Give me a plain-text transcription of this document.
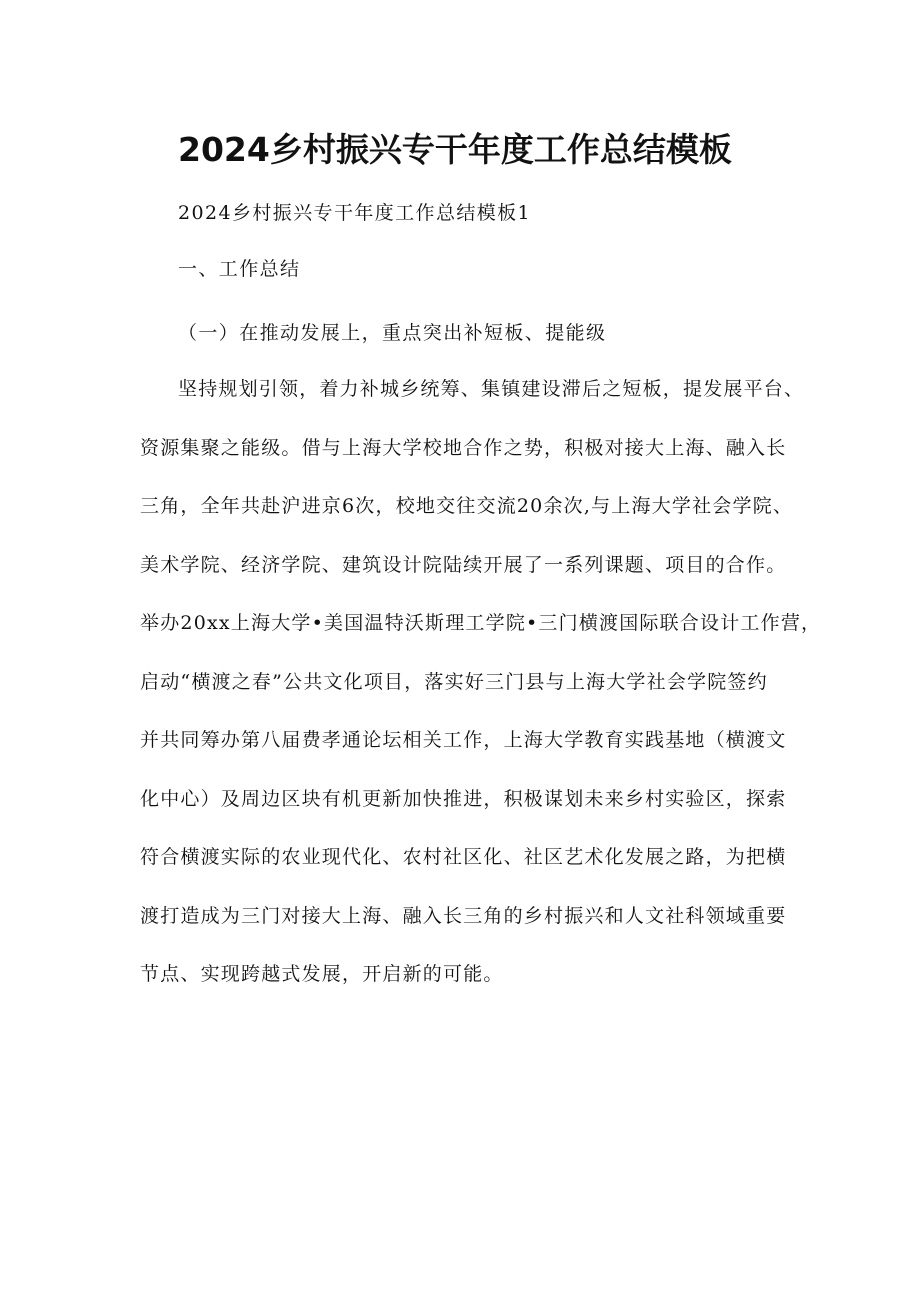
2024乡村振兴专干年度工作总结模板
2024乡村振兴专干年度工作总结模板1
一、工作总结
（一）在推动发展上，重点突出补短板、提能级
坚持规划引领，着力补城乡统筹、集镇建设滞后之短板，提发展平台、
资源集聚之能级。借与上海大学校地合作之势，积极对接大上海、融入长
三角，全年共赴沪进京6次，校地交往交流20余次,与上海大学社会学院、
美术学院、经济学院、建筑设计院陆续开展了一系列课题、项目的合作。
举办20xx上海大学•美国温特沃斯理工学院•三门横渡国际联合设计工作营，
启动“横渡之春”公共文化项目，落实好三门县与上海大学社会学院签约
并共同筹办第八届费孝通论坛相关工作，上海大学教育实践基地（横渡文
化中心）及周边区块有机更新加快推进，积极谋划未来乡村实验区，探索
符合横渡实际的农业现代化、农村社区化、社区艺术化发展之路，为把横
渡打造成为三门对接大上海、融入长三角的乡村振兴和人文社科领域重要
节点、实现跨越式发展，开启新的可能。
